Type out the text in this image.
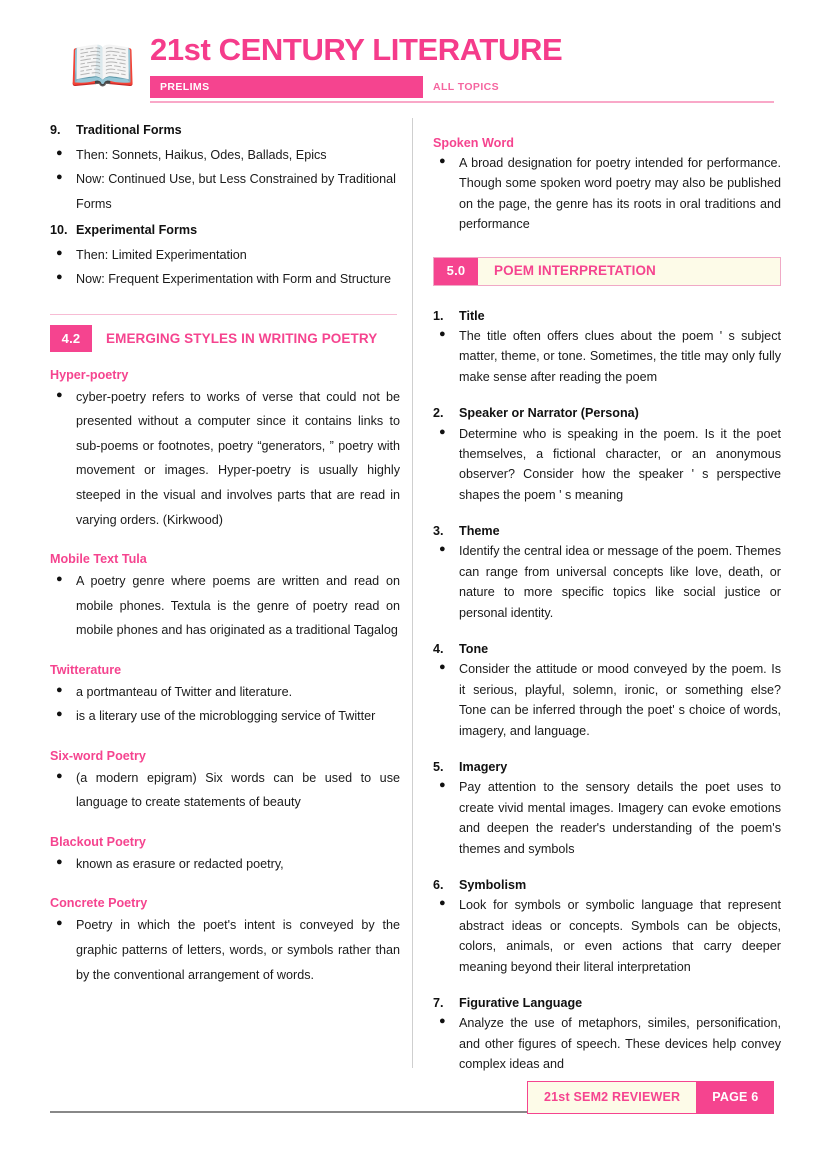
📖 21st CENTURY LITERATURE
PRELIMS	ALL TOPICS
9.	Traditional Forms
●	Then: Sonnets, Haikus, Odes, Ballads, Epics
●	Now: Continued Use, but Less Constrained by Traditional Forms
10. Experimental Forms
●	Then: Limited Experimentation
●	Now: Frequent Experimentation with Form and Structure
4.2	EMERGING STYLES IN WRITING POETRY
Hyper-poetry
●	cyber-poetry refers to works of verse that could not be presented without a computer since it contains links to sub-poems or footnotes, poetry “generators, ” poetry with movement or images. Hyper-poetry is usually highly steeped in the visual and involves parts that are read in varying orders. (Kirkwood)
Mobile Text Tula
●	A poetry genre where poems are written and read on mobile phones. Textula is the genre of poetry read on mobile phones and has originated as a traditional Tagalog
Twitterature
●	a portmanteau of Twitter and literature.
●	is a literary use of the microblogging service of Twitter
Six-word Poetry
●	(a modern epigram) Six words can be used to use language to create statements of beauty
Blackout Poetry
●	known as erasure or redacted poetry,
Concrete Poetry
●	Poetry in which the poet's intent is conveyed by the graphic patterns of letters, words, or symbols rather than by the conventional arrangement of words.
Spoken Word
●	A broad designation for poetry intended for performance. Though some spoken word poetry may also be published on the page, the genre has its roots in oral traditions and performance
5.0	POEM INTERPRETATION
1.	Title
●	The title often offers clues about the poem ' s subject matter, theme, or tone. Sometimes, the title may only fully make sense after reading the poem
2.	Speaker or Narrator (Persona)
●	Determine who is speaking in the poem. Is it the poet themselves, a fictional character, or an anonymous observer? Consider how the speaker ' s perspective shapes the poem ' s meaning
3.	Theme
●	Identify the central idea or message of the poem. Themes can range from universal concepts like love, death, or nature to more specific topics like social justice or personal identity.
4.	Tone
●	Consider the attitude or mood conveyed by the poem. Is it serious, playful, solemn, ironic, or something else? Tone can be inferred through the poet' s choice of words, imagery, and language.
5.	Imagery
●	Pay attention to the sensory details the poet uses to create vivid mental images. Imagery can evoke emotions and deepen the reader's understanding of the poem's themes and symbols
6.	Symbolism
●	Look for symbols or symbolic language that represent abstract ideas or concepts. Symbols can be objects, colors, animals, or even actions that carry deeper meaning beyond their literal interpretation
7.	Figurative Language
●	Analyze the use of metaphors, similes, personification, and other figures of speech. These devices help convey complex ideas and
21st SEM2 REVIEWER	PAGE 6
